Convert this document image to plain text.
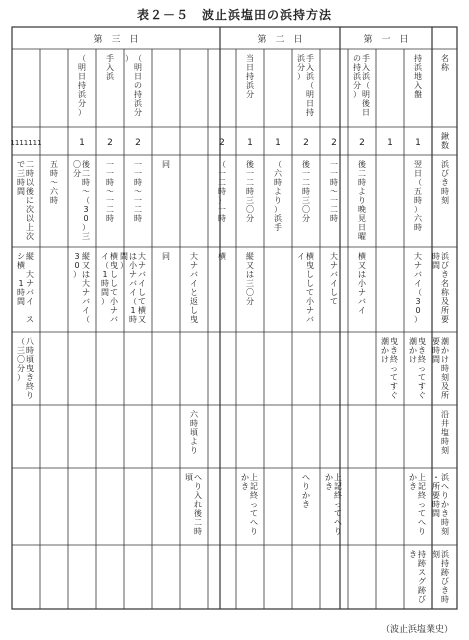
表２－５　波止浜塩田の浜持方法
（波止浜塩業史）
第　三　日	第　二　日	第　一　日
名
称
鍬
数
浜
び
き
時
刻
浜
び
き
名
称
及
所
要
時
間
潮
か
け
時
刻
及
所
要
時
間
沿
井
塩
時
刻
浜
へ
り
か
き
時
刻
・
所
要
時
間
浜
持
跡
び
き
時
刻
持
浜
地
入
盤
1
翌
日
（
五
時
）
六
時
大
ナ
バ
イ
（
3
0
）
曳
き
終
っ
て
す
ぐ
潮
か
け
上
記
終
っ
て
へ
り
か
き
持
跡
ス
グ
跡
び
き
1
曳
き
終
っ
て
す
ぐ
潮
か
け
手
入
浜
（
明
後
日
の
持
浜
分
）
2
後
二
時
よ
り
晩
見
日
曜
横
又
は
小
ナ
バ
イ
2
一
一
時
～
一
二
時
大
ナ
バ
イ
し
て
上
記
終
っ
て
へ
り
か
き
手
入
浜
（
明
日
持
浜
分
）
2
後
一
二
時
三
〇
分
横
曳
し
し
て
小
ナ
バ
イ
へ
り
か
き
1
（
六
時
よ
り
）
浜
手
当
日
持
浜
分
1
後
一
二
時
三
〇
分
縦
又
は
三
〇
分
上
記
終
っ
て
へ
り
か
き
2
（
一
二
時
）
一
時
横
大
ナ
バ
イ
と
返
し
曳
六
時
頃
よ
り
へ
り
入
れ
後
二
時
頃
同
同
（
明
日
の
持
浜
分
）
2
一
一
時
～
一
二
時
大
ナ
バ
イ
し
て
横
又
は
小
ナ
バ
イ
（
1
時
間
）
手
入
浜
2
一
一
時
～
一
二
時
横
曳
し
し
て
小
ナ
バ
イ
（
1
時
間
）
（
明
日
持
浜
分
）
1
後
二
時
～
（
3
0
）
三
〇
分
縦
又
は
大
ナ
バ
イ
（
3
0
）
五
時
～
六
時
1111111
二
時
以
後
に
次
以
上
次
で
三
時
間
縦
大
ナ
バ
イ
ス
シ
横
1
時
間
八
時
頃
曳
き
終
り
（
三
〇
分
）
